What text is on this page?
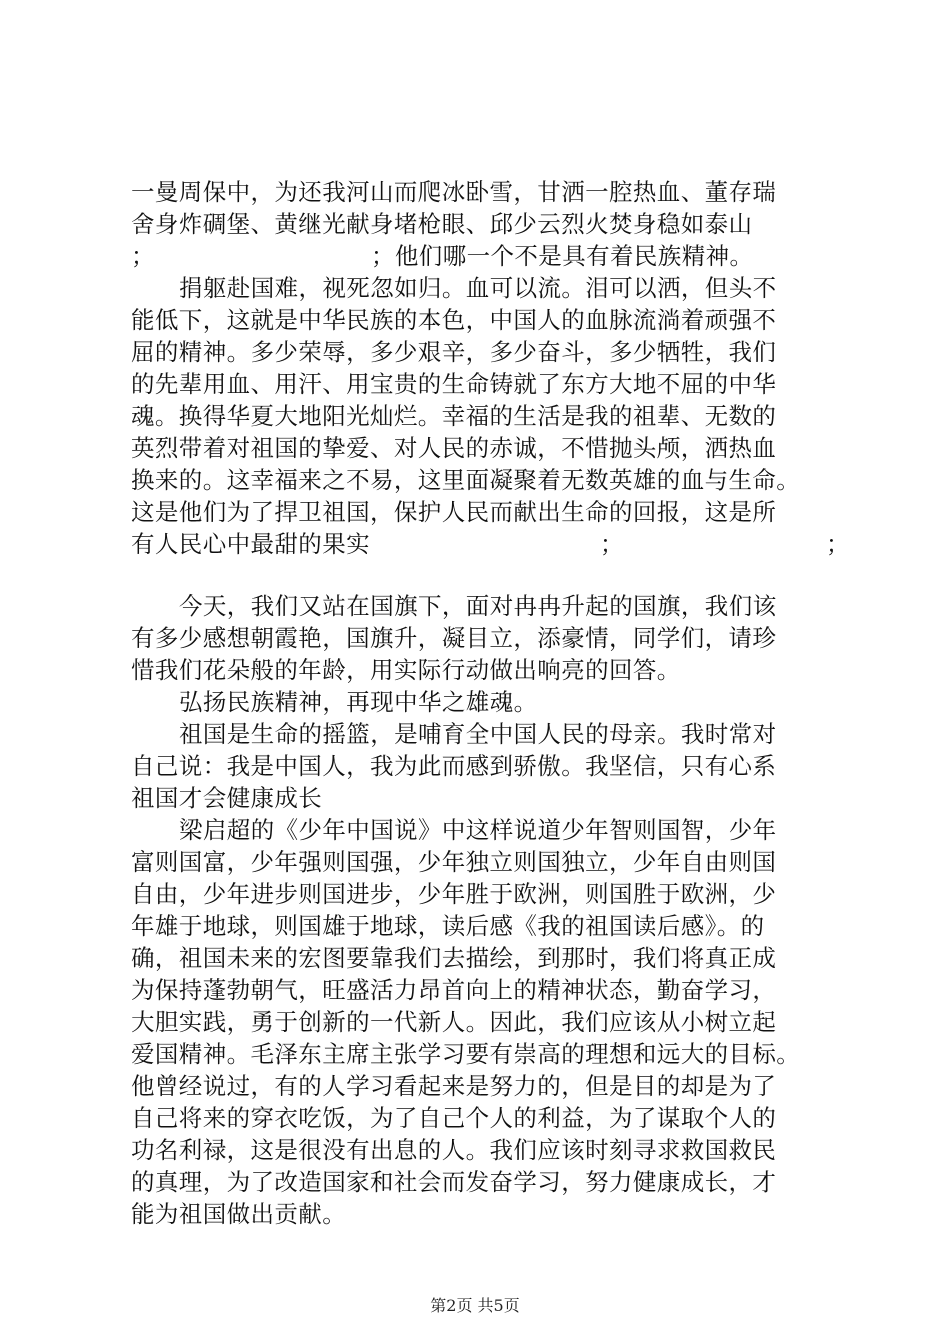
一曼周保中，为还我河山而爬冰卧雪，甘洒一腔热血、董存瑞
舍身炸碉堡、黄继光献身堵枪眼、邱少云烈火焚身稳如泰山
；	；他们哪一个不是具有着民族精神。
捐躯赴国难，视死忽如归。血可以流。泪可以洒，但头不
能低下，这就是中华民族的本色，中国人的血脉流淌着顽强不
屈的精神。多少荣辱，多少艰辛，多少奋斗，多少牺牲，我们
的先辈用血、用汗、用宝贵的生命铸就了东方大地不屈的中华
魂。换得华夏大地阳光灿烂。幸福的生活是我的祖辈、无数的
英烈带着对祖国的挚爱、对人民的赤诚，不惜抛头颅，洒热血
换来的。这幸福来之不易，这里面凝聚着无数英雄的血与生命。
这是他们为了捍卫祖国，保护人民而献出生命的回报，这是所
有人民心中最甜的果实	；	；
今天，我们又站在国旗下，面对冉冉升起的国旗，我们该
有多少感想朝霞艳，国旗升，凝目立，添豪情，同学们，请珍
惜我们花朵般的年龄，用实际行动做出响亮的回答。
弘扬民族精神，再现中华之雄魂。
祖国是生命的摇篮，是哺育全中国人民的母亲。我时常对
自己说：我是中国人，我为此而感到骄傲。我坚信，只有心系
祖国才会健康成长
梁启超的《少年中国说》中这样说道少年智则国智，少年
富则国富，少年强则国强，少年独立则国独立，少年自由则国
自由，少年进步则国进步，少年胜于欧洲，则国胜于欧洲，少
年雄于地球，则国雄于地球，读后感《我的祖国读后感》。的
确，祖国未来的宏图要靠我们去描绘，到那时，我们将真正成
为保持蓬勃朝气，旺盛活力昂首向上的精神状态，勤奋学习，
大胆实践，勇于创新的一代新人。因此，我们应该从小树立起
爱国精神。毛泽东主席主张学习要有崇高的理想和远大的目标。
他曾经说过，有的人学习看起来是努力的，但是目的却是为了
自己将来的穿衣吃饭，为了自己个人的利益，为了谋取个人的
功名利禄，这是很没有出息的人。我们应该时刻寻求救国救民
的真理，为了改造国家和社会而发奋学习，努力健康成长，才
能为祖国做出贡献。
第2页 共5页
